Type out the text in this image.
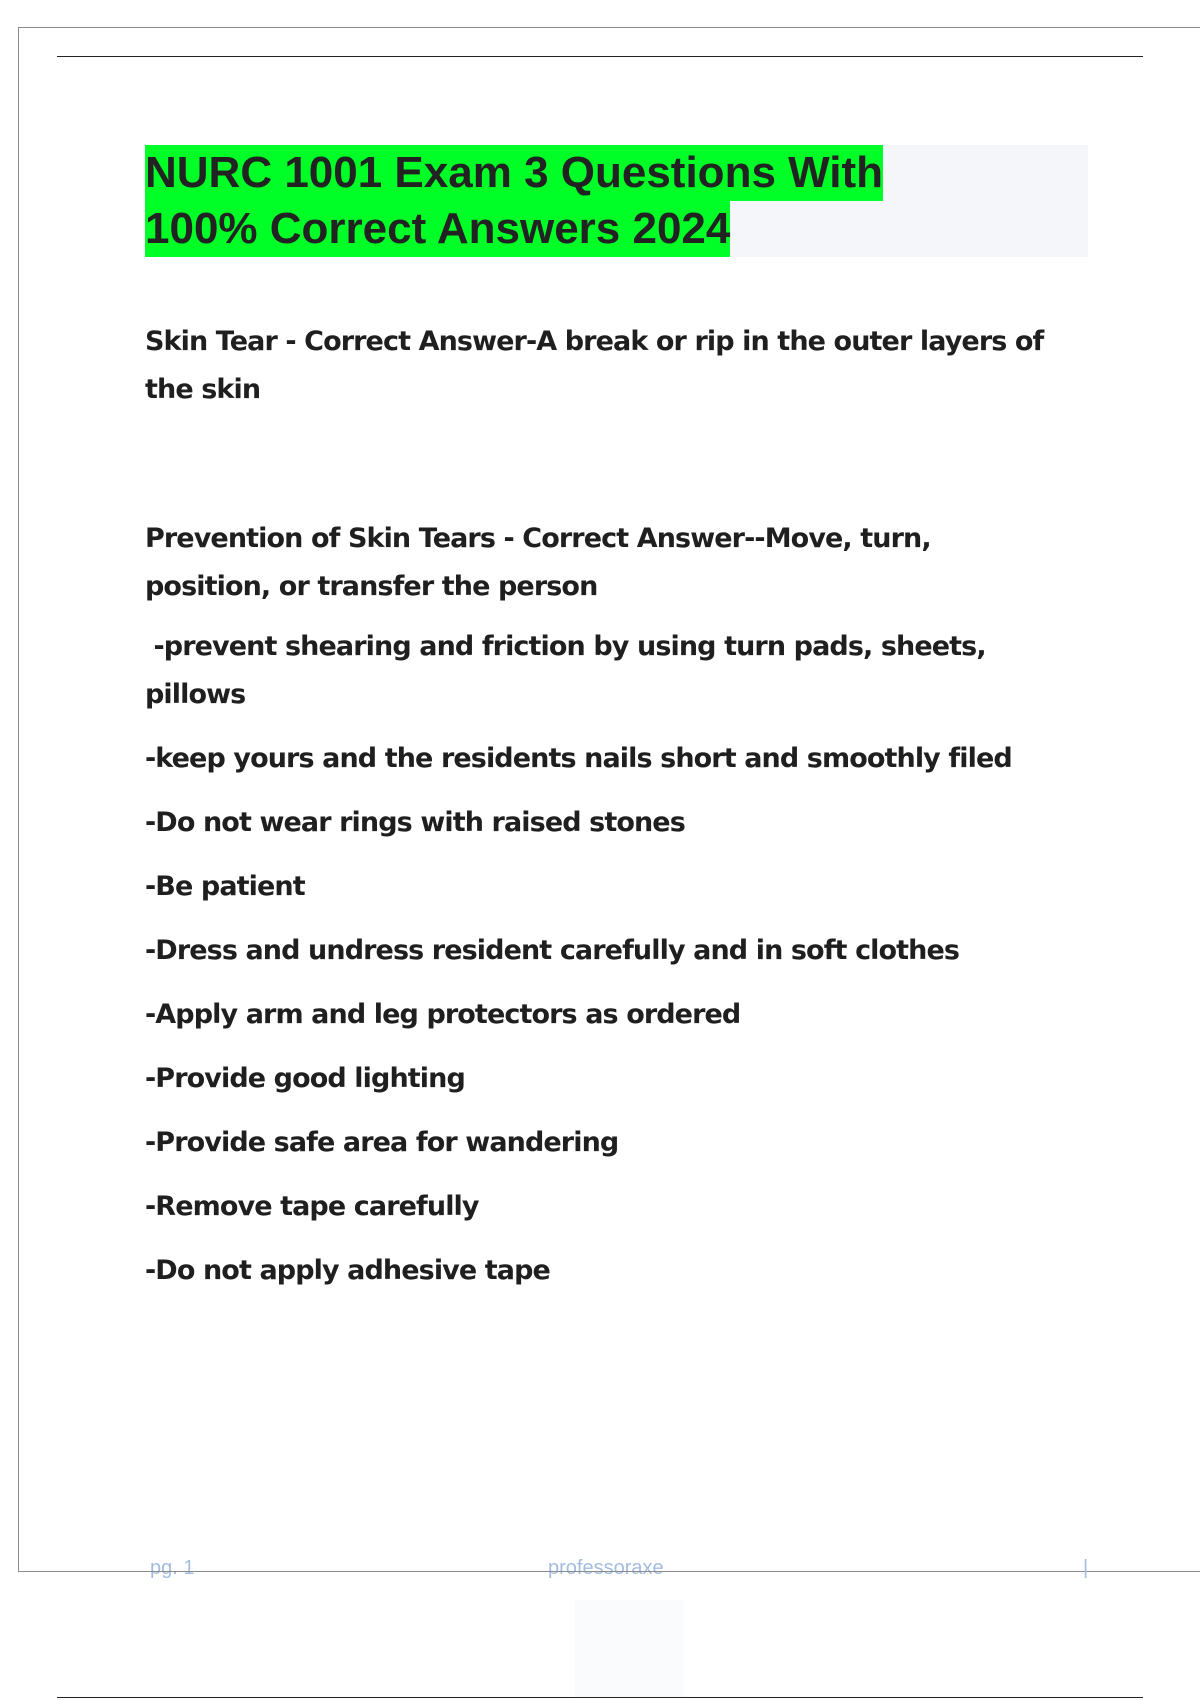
NURC 1001 Exam 3 Questions With
100% Correct Answers 2024
Skin Tear - Correct Answer-A break or rip in the outer layers of
the skin
Prevention of Skin Tears - Correct Answer--Move, turn,
position, or transfer the person
-prevent shearing and friction by using turn pads, sheets,
pillows
-keep yours and the residents nails short and smoothly filed
-Do not wear rings with raised stones
-Be patient
-Dress and undress resident carefully and in soft clothes
-Apply arm and leg protectors as ordered
-Provide good lighting
-Provide safe area for wandering
-Remove tape carefully
-Do not apply adhesive tape
pg. 1	professoraxe	|
